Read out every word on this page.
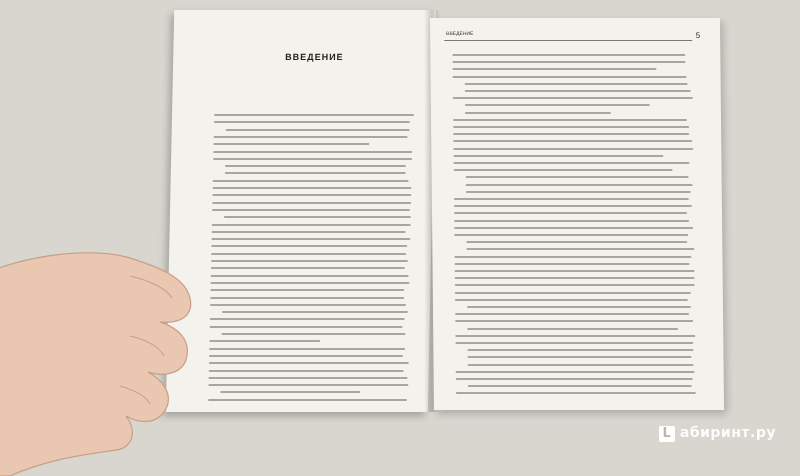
ВВЕДЕНИЕ
ВВЕДЕНИЕ	5
L абиринт.ру
